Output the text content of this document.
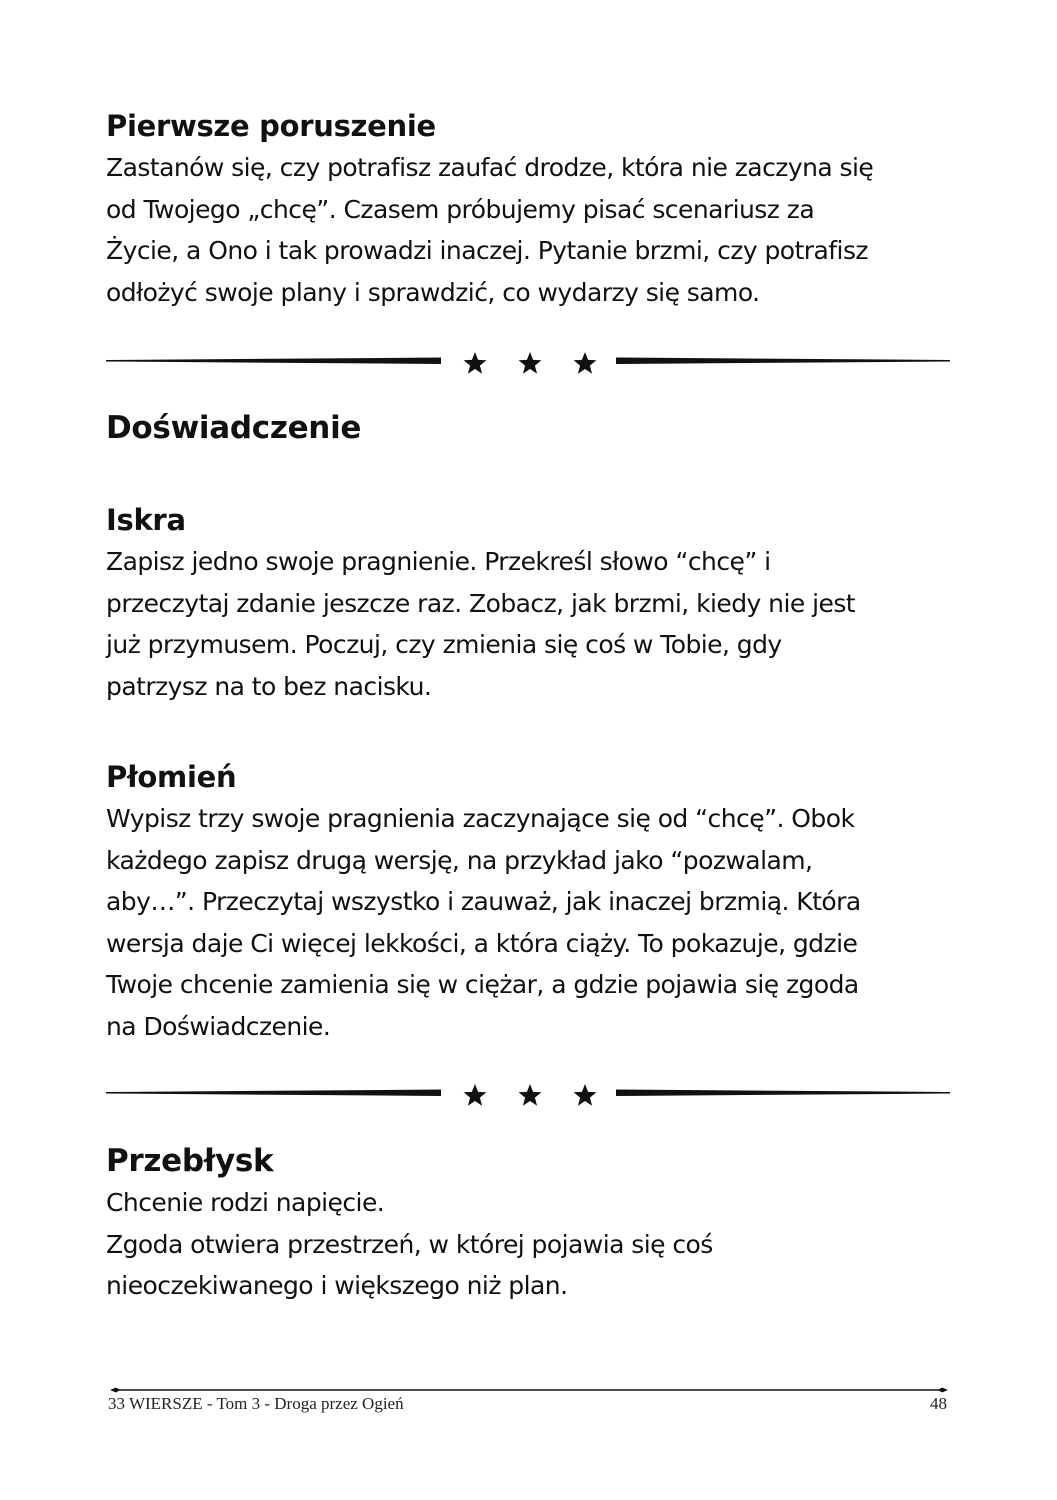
Pierwsze poruszenie

Zastanów się, czy potrafisz zaufać drodze, która nie zaczyna się
od Twojego „chcę”. Czasem próbujemy pisać scenariusz za
Życie, a Ono i tak prowadzi inaczej. Pytanie brzmi, czy potrafisz
odłożyć swoje plany i sprawdzić, co wydarzy się samo.

Doświadczenie
Iskra

Zapisz jedno swoje pragnienie. Przekreśl słowo “chcę” i
przeczytaj zdanie jeszcze raz. Zobacz, jak brzmi, kiedy nie jest
już przymusem. Poczuj, czy zmienia się coś w Tobie, gdy
patrzysz na to bez nacisku.

Płomień

Wypisz trzy swoje pragnienia zaczynające się od “chcę”. Obok
każdego zapisz drugą wersję, na przykład jako “pozwalam,
aby…”. Przeczytaj wszystko i zauważ, jak inaczej brzmią. Która
wersja daje Ci więcej lekkości, a która ciąży. To pokazuje, gdzie
Twoje chcenie zamienia się w ciężar, a gdzie pojawia się zgoda
na Doświadczenie.

Przebłysk

Chcenie rodzi napięcie.
Zgoda otwiera przestrzeń, w której pojawia się coś
nieoczekiwanego i większego niż plan.

33 WIERSZE - Tom 3 - Droga przez Ogień	48
